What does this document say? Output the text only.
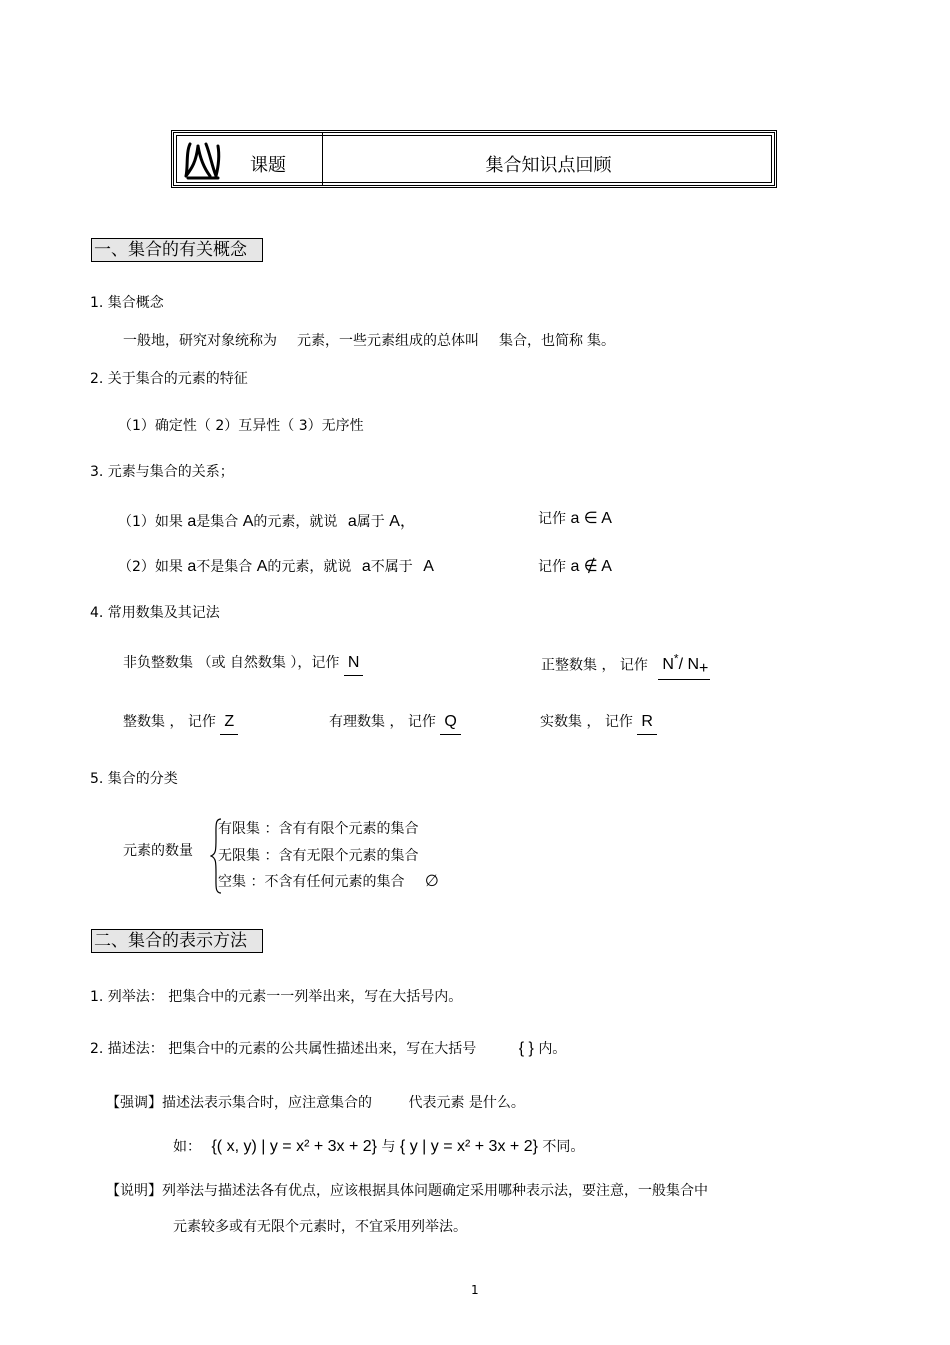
课题	集合知识点回顾
一、集合的有关概念
1. 集合概念
一般地，研究对象统称为 元素，一些元素组成的总体叫 集合，也简称 集。
2. 关于集合的元素的特征
（1）确定性（ 2）互异性（ 3）无序性
3. 元素与集合的关系；
（1）如果 a是集合 A的元素，就说 a属于 A，	记作 a ∈ A
（2）如果 a不是集合 A的元素，就说 a不属于 A	记作 a ∉ A
4. 常用数集及其记法
非负整数集 （或 自然数集 ），记作 N	正整数集 ， 记作 N*/ $N_+$
整数集 ， 记作 Z	有理数集 ， 记作 Q	实数集 ， 记作 R
5. 集合的分类
元素的数量
有限集 ：含有有限个元素的集合
无限集 ：含有无限个元素的集合
空集 ：不含有任何元素的集合 ∅
二、集合的表示方法
1. 列举法： 把集合中的元素一一列举出来，写在大括号内。
2. 描述法： 把集合中的元素的公共属性描述出来，写在大括号	{ } 内。
【强调】描述法表示集合时，应注意集合的	代表元素 是什么。
如： {( x, y) | y = x² + 3x + 2} 与 { y | y = x² + 3x + 2} 不同。
【说明】列举法与描述法各有优点，应该根据具体问题确定采用哪种表示法，要注意，一般集合中
元素较多或有无限个元素时，不宜采用列举法。
1
